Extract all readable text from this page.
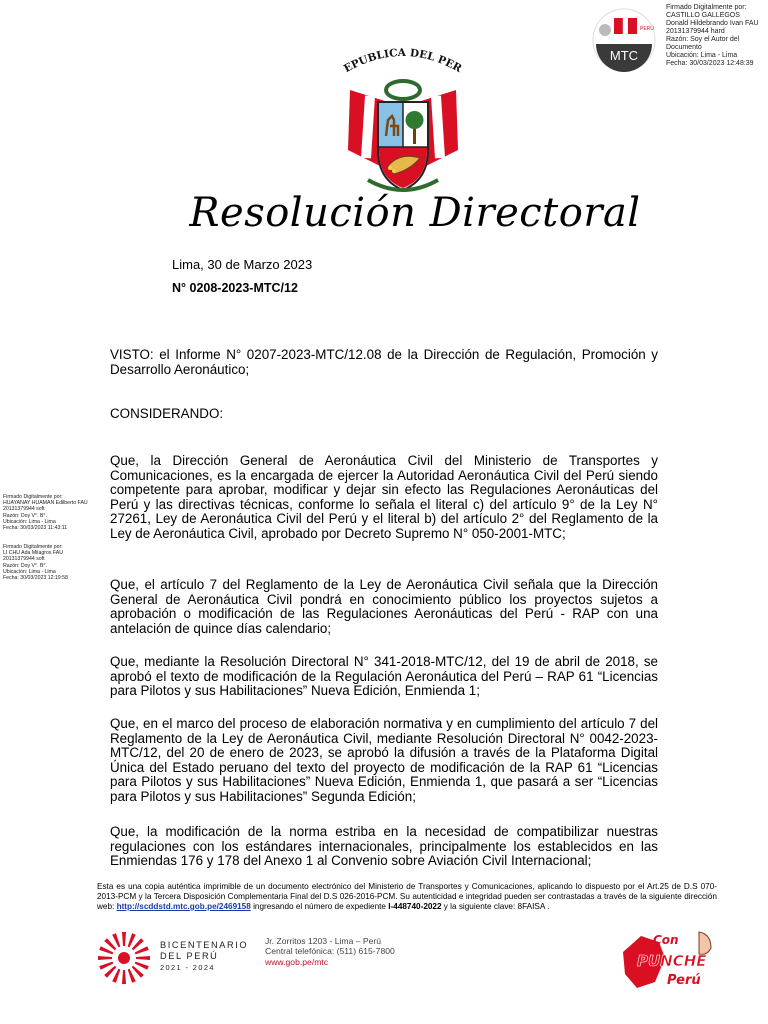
PERÚ
MTC
Firmado Digitalmente por:
CASTILLO GALLEGOS
Donald Hildebrando Ivan FAU
20131379944 hard
Razón: Soy el Autor del
Documento
Ubicación: Lima - Lima
Fecha: 30/03/2023 12:48:39
EPUBLICA DEL PER
Resolución Directoral
Lima, 30 de Marzo 2023
N° 0208-2023-MTC/12
Firmado Digitalmente por:
HUAYANAY HUAMAN Edilberto FAU
20131379944 soft
Razón: Doy V°. B°.
Ubicación: Lima - Lima
Fecha: 30/03/2023 11:43:11
Firmado Digitalmente por:
LI CHU Ada Milagros FAU
20131379944 soft
Razón: Doy V°. B°.
Ubicación: Lima - Lima
Fecha: 30/03/2023 12:19:58
VISTO: el Informe N° 0207-2023-MTC/12.08 de la Dirección de Regulación, Promoción y Desarrollo Aeronáutico;
CONSIDERANDO:
Que, la Dirección General de Aeronáutica Civil del Ministerio de Transportes y Comunicaciones, es la encargada de ejercer la Autoridad Aeronáutica Civil del Perú siendo competente para aprobar, modificar y dejar sin efecto las Regulaciones Aeronáuticas del Perú y las directivas técnicas, conforme lo señala el literal c) del artículo 9° de la Ley N° 27261, Ley de Aeronáutica Civil del Perú y el literal b) del artículo 2° del Reglamento de la Ley de Aeronáutica Civil, aprobado por Decreto Supremo N° 050-2001-MTC;
Que, el artículo 7 del Reglamento de la Ley de Aeronáutica Civil señala que la Dirección General de Aeronáutica Civil pondrá en conocimiento público los proyectos sujetos a aprobación o modificación de las Regulaciones Aeronáuticas del Perú - RAP con una antelación de quince días calendario;
Que, mediante la Resolución Directoral N° 341-2018-MTC/12, del 19 de abril de 2018, se aprobó el texto de modificación de la Regulación Aeronáutica del Perú – RAP 61 “Licencias para Pilotos y sus Habilitaciones” Nueva Edición, Enmienda 1;
Que, en el marco del proceso de elaboración normativa y en cumplimiento del artículo 7 del Reglamento de la Ley de Aeronáutica Civil, mediante Resolución Directoral N° 0042-2023-MTC/12, del 20 de enero de 2023, se aprobó la difusión a través de la Plataforma Digital Única del Estado peruano del texto del proyecto de modificación de la RAP 61 “Licencias para Pilotos y sus Habilitaciones” Nueva Edición, Enmienda 1, que pasará a ser “Licencias para Pilotos y sus Habilitaciones” Segunda Edición;
Que, la modificación de la norma estriba en la necesidad de compatibilizar nuestras regulaciones con los estándares internacionales, principalmente los establecidos en las Enmiendas 176 y 178 del Anexo 1 al Convenio sobre Aviación Civil Internacional;
Esta es una copia auténtica imprimible de un documento electrónico del Ministerio de Transportes y Comunicaciones, aplicando lo dispuesto por el Art.25 de D.S 070-2013-PCM y la Tercera Disposición Complementaria Final del D.S 026-2016-PCM. Su autenticidad e integridad pueden ser contrastadas a través de la siguiente dirección web: http://scddstd.mtc.gob.pe/2469158 ingresando el número de expediente I-448740-2022 y la siguiente clave: 8FAISA .
BICENTENARIO
DEL PERÚ
2021 - 2024
Jr. Zorritos 1203 - Lima – Perú
Central telefónica: (511) 615-7800
www.gob.pe/mtc
Con
PUNCHE
Perú
